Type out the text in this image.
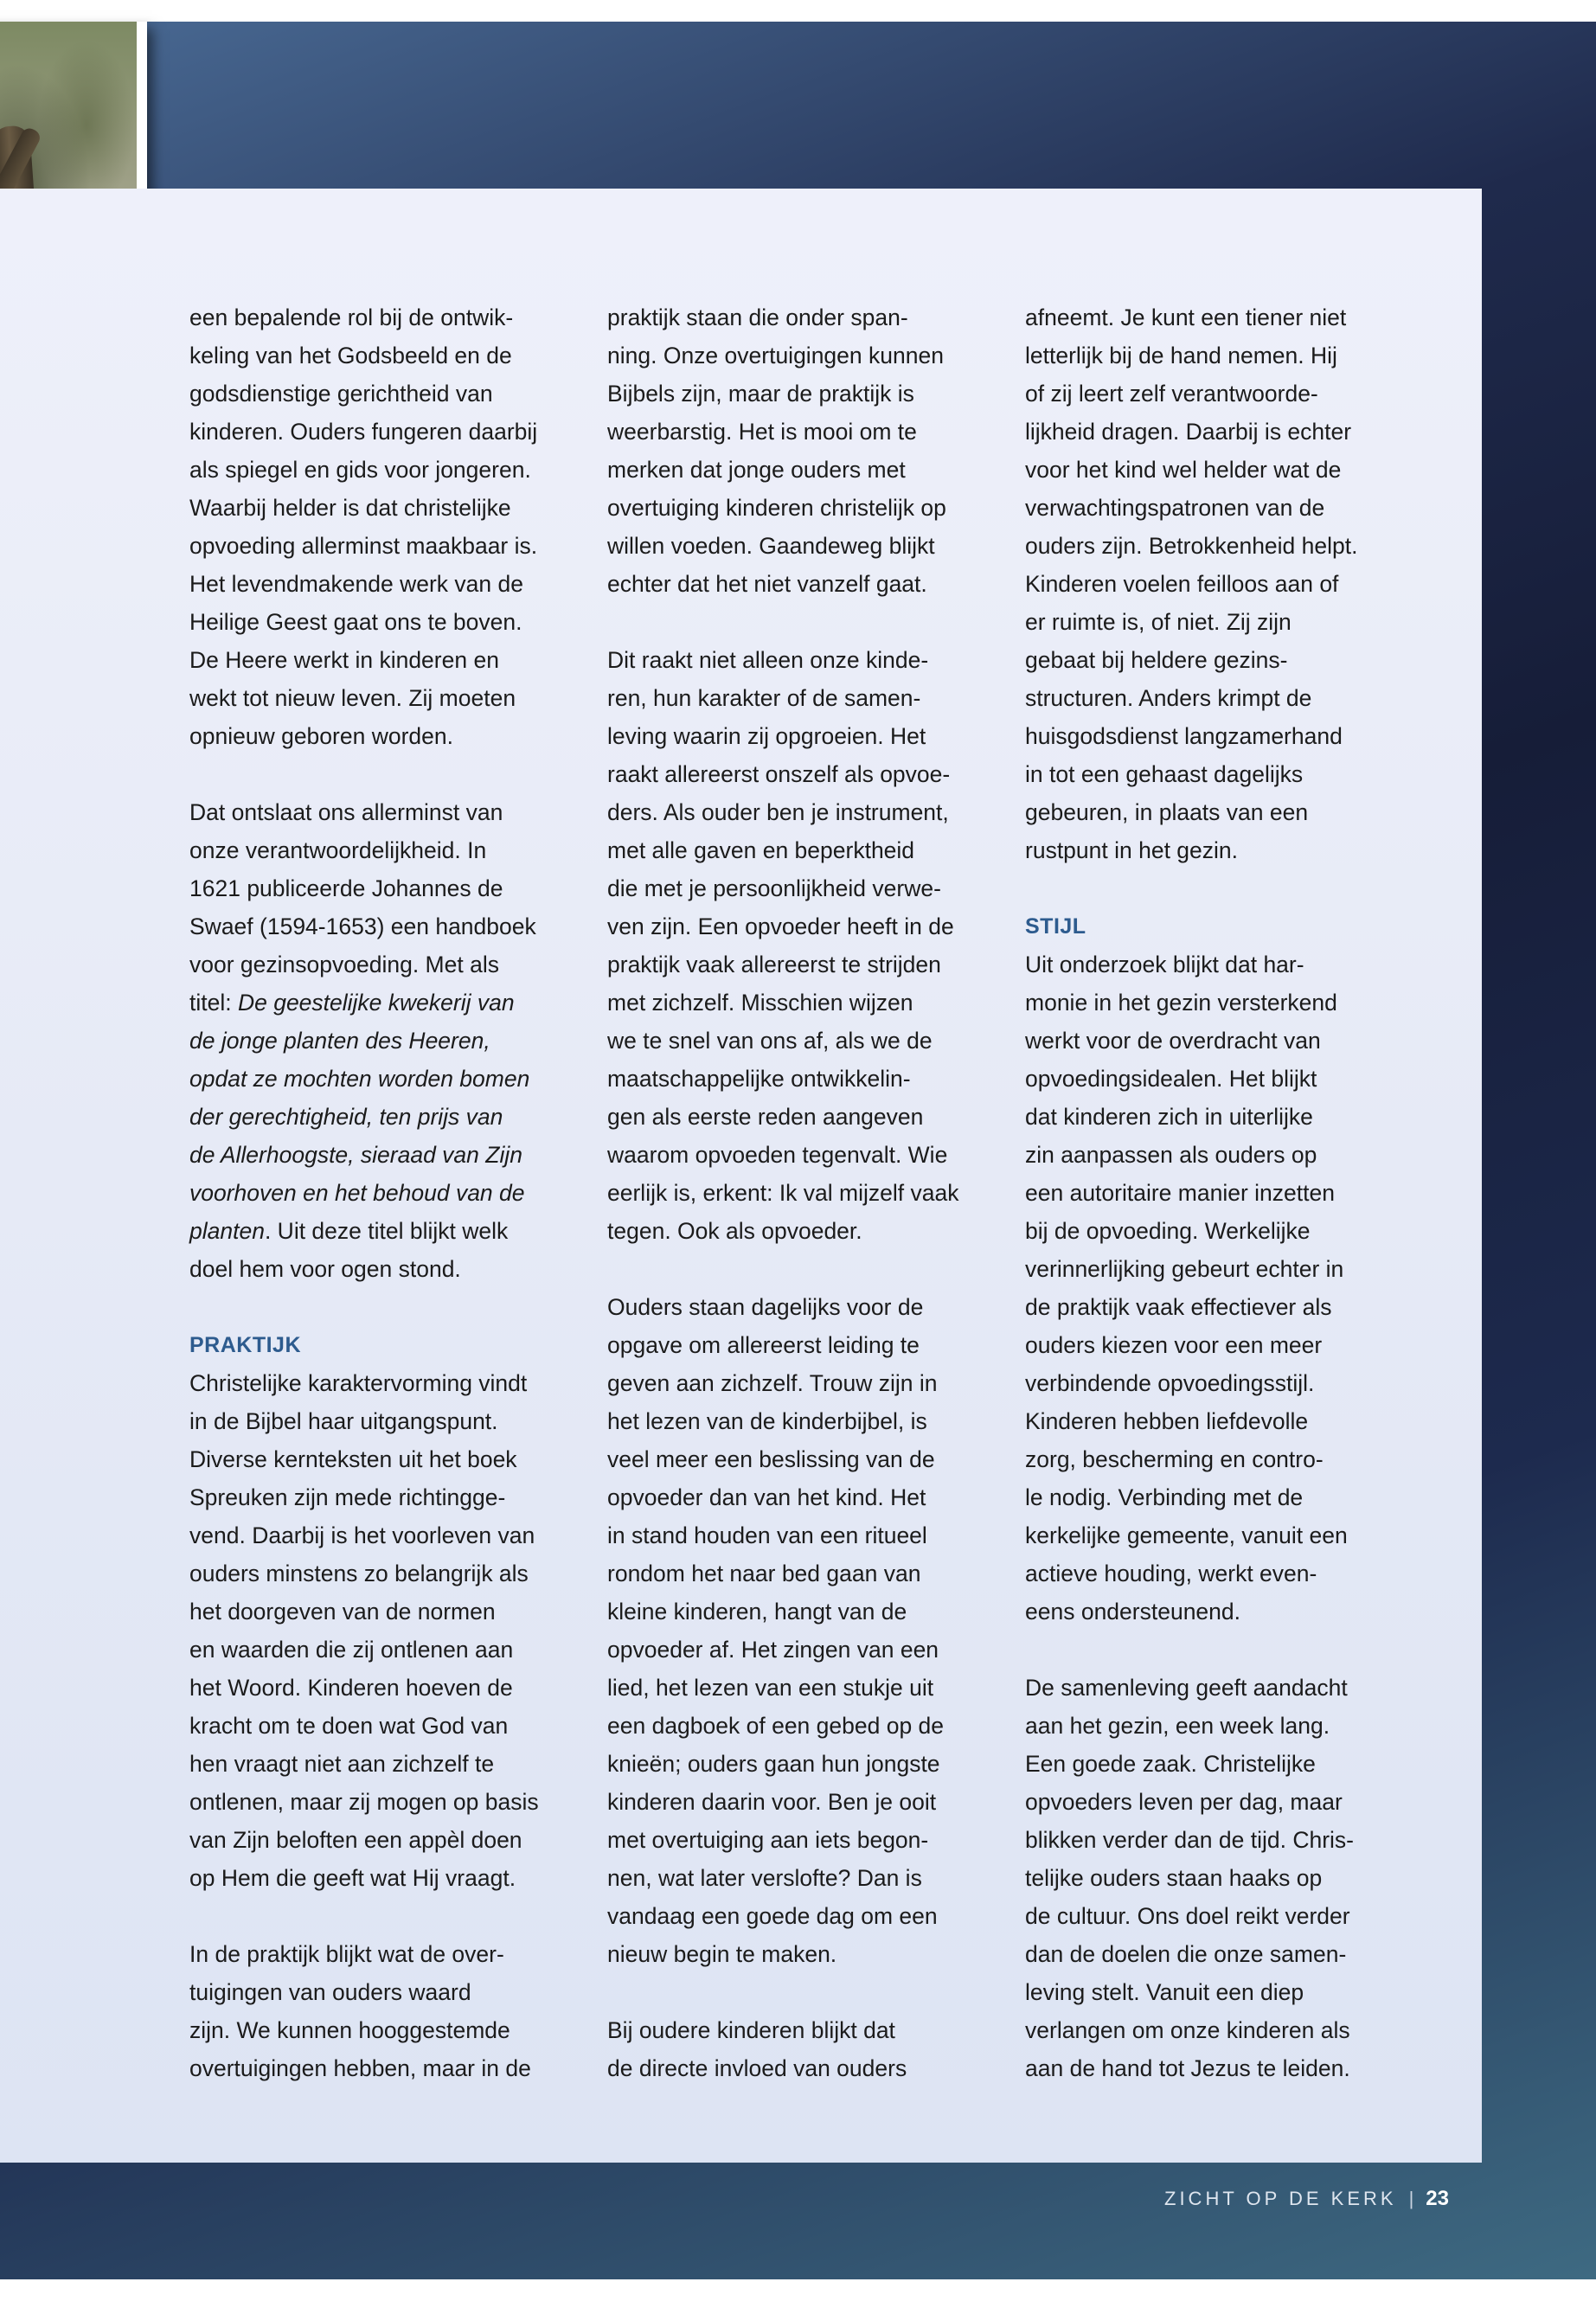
een bepalende rol bij de ontwik-
keling van het Godsbeeld en de
godsdienstige gerichtheid van
kinderen. Ouders fungeren daarbij
als spiegel en gids voor jongeren.
Waarbij helder is dat christelijke
opvoeding allerminst maakbaar is.
Het levendmakende werk van de
Heilige Geest gaat ons te boven.
De Heere werkt in kinderen en
wekt tot nieuw leven. Zij moeten
opnieuw geboren worden.

Dat ontslaat ons allerminst van
onze verantwoordelijkheid. In
1621 publiceerde Johannes de
Swaef (1594-1653) een handboek
voor gezinsopvoeding. Met als
titel: De geestelijke kwekerij van
de jonge planten des Heeren,
opdat ze mochten worden bomen
der gerechtigheid, ten prijs van
de Allerhoogste, sieraad van Zijn
voorhoven en het behoud van de
planten. Uit deze titel blijkt welk
doel hem voor ogen stond.

PRAKTIJK

Christelijke karaktervorming vindt
in de Bijbel haar uitgangspunt.
Diverse kernteksten uit het boek
Spreuken zijn mede richtingge-
vend. Daarbij is het voorleven van
ouders minstens zo belangrijk als
het doorgeven van de normen
en waarden die zij ontlenen aan
het Woord. Kinderen hoeven de
kracht om te doen wat God van
hen vraagt niet aan zichzelf te
ontlenen, maar zij mogen op basis
van Zijn beloften een appèl doen
op Hem die geeft wat Hij vraagt.

In de praktijk blijkt wat de over-
tuigingen van ouders waard
zijn. We kunnen hooggestemde
overtuigingen hebben, maar in de

praktijk staan die onder span-
ning. Onze overtuigingen kunnen
Bijbels zijn, maar de praktijk is
weerbarstig. Het is mooi om te
merken dat jonge ouders met
overtuiging kinderen christelijk op
willen voeden. Gaandeweg blijkt
echter dat het niet vanzelf gaat.

Dit raakt niet alleen onze kinde-
ren, hun karakter of de samen-
leving waarin zij opgroeien. Het
raakt allereerst onszelf als opvoe-
ders. Als ouder ben je instrument,
met alle gaven en beperktheid
die met je persoonlijkheid verwe-
ven zijn. Een opvoeder heeft in de
praktijk vaak allereerst te strijden
met zichzelf. Misschien wijzen
we te snel van ons af, als we de
maatschappelijke ontwikkelin-
gen als eerste reden aangeven
waarom opvoeden tegenvalt. Wie
eerlijk is, erkent: Ik val mijzelf vaak
tegen. Ook als opvoeder.

Ouders staan dagelijks voor de
opgave om allereerst leiding te
geven aan zichzelf. Trouw zijn in
het lezen van de kinderbijbel, is
veel meer een beslissing van de
opvoeder dan van het kind. Het
in stand houden van een ritueel
rondom het naar bed gaan van
kleine kinderen, hangt van de
opvoeder af. Het zingen van een
lied, het lezen van een stukje uit
een dagboek of een gebed op de
knieën; ouders gaan hun jongste
kinderen daarin voor. Ben je ooit
met overtuiging aan iets begon-
nen, wat later verslofte? Dan is
vandaag een goede dag om een
nieuw begin te maken.

Bij oudere kinderen blijkt dat
de directe invloed van ouders

afneemt. Je kunt een tiener niet
letterlijk bij de hand nemen. Hij
of zij leert zelf verantwoorde-
lijkheid dragen. Daarbij is echter
voor het kind wel helder wat de
verwachtingspatronen van de
ouders zijn. Betrokkenheid helpt.
Kinderen voelen feilloos aan of
er ruimte is, of niet. Zij zijn
gebaat bij heldere gezins-
structuren. Anders krimpt de
huisgodsdienst langzamerhand
in tot een gehaast dagelijks
gebeuren, in plaats van een
rustpunt in het gezin.

STIJL

Uit onderzoek blijkt dat har-
monie in het gezin versterkend
werkt voor de overdracht van
opvoedingsidealen. Het blijkt
dat kinderen zich in uiterlijke
zin aanpassen als ouders op
een autoritaire manier inzetten
bij de opvoeding. Werkelijke
verinnerlijking gebeurt echter in
de praktijk vaak effectiever als
ouders kiezen voor een meer
verbindende opvoedingsstijl.
Kinderen hebben liefdevolle
zorg, bescherming en contro-
le nodig. Verbinding met de
kerkelijke gemeente, vanuit een
actieve houding, werkt even-
eens ondersteunend.

De samenleving geeft aandacht
aan het gezin, een week lang.
Een goede zaak. Christelijke
opvoeders leven per dag, maar
blikken verder dan de tijd. Chris-
telijke ouders staan haaks op
de cultuur. Ons doel reikt verder
dan de doelen die onze samen-
leving stelt. Vanuit een diep
verlangen om onze kinderen als
aan de hand tot Jezus te leiden.

ZICHT OP DE KERK | 23
